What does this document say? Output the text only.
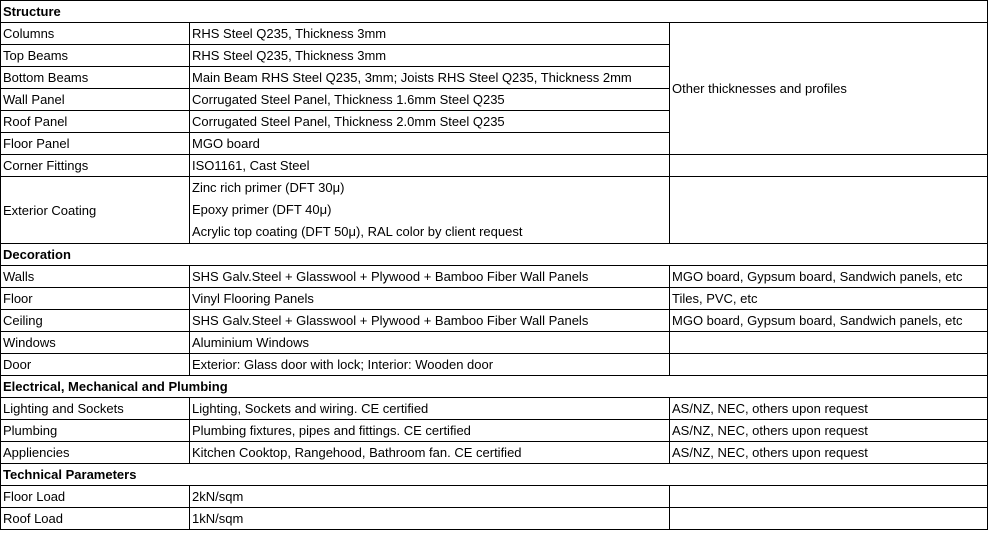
Structure		
Columns	RHS Steel Q235, Thickness 3mm	Other thicknesses and profiles
Top Beams	RHS Steel Q235, Thickness 3mm	
Bottom Beams	Main Beam RHS Steel Q235, 3mm; Joists RHS Steel Q235, Thickness 2mm	
Wall Panel	Corrugated Steel Panel, Thickness 1.6mm Steel Q235	
Roof Panel	Corrugated Steel Panel, Thickness 2.0mm Steel Q235	
Floor Panel	MGO board	
Corner Fittings	ISO1161, Cast Steel	
Exterior Coating	Zinc rich primer (DFT 30μ)
Epoxy primer (DFT 40μ)
Acrylic top coating (DFT 50μ), RAL color by client request	

Decoration		
Walls	SHS Galv.Steel + Glasswool + Plywood + Bamboo Fiber Wall Panels	MGO board, Gypsum board, Sandwich panels, etc
Floor	Vinyl Flooring Panels	Tiles, PVC, etc
Ceiling	SHS Galv.Steel + Glasswool + Plywood + Bamboo Fiber Wall Panels	MGO board, Gypsum board, Sandwich panels, etc
Windows	Aluminium Windows	
Door	Exterior: Glass door with lock; Interior: Wooden door	
Electrical, Mechanical and Plumbing		
Lighting and Sockets	Lighting, Sockets and wiring. CE certified	AS/NZ, NEC, others upon request
Plumbing	Plumbing fixtures, pipes and fittings. CE certified	AS/NZ, NEC, others upon request
Appliencies	Kitchen Cooktop, Rangehood, Bathroom fan. CE certified	AS/NZ, NEC, others upon request
Technical Parameters		
Floor Load	2kN/sqm	
Roof Load	1kN/sqm	
